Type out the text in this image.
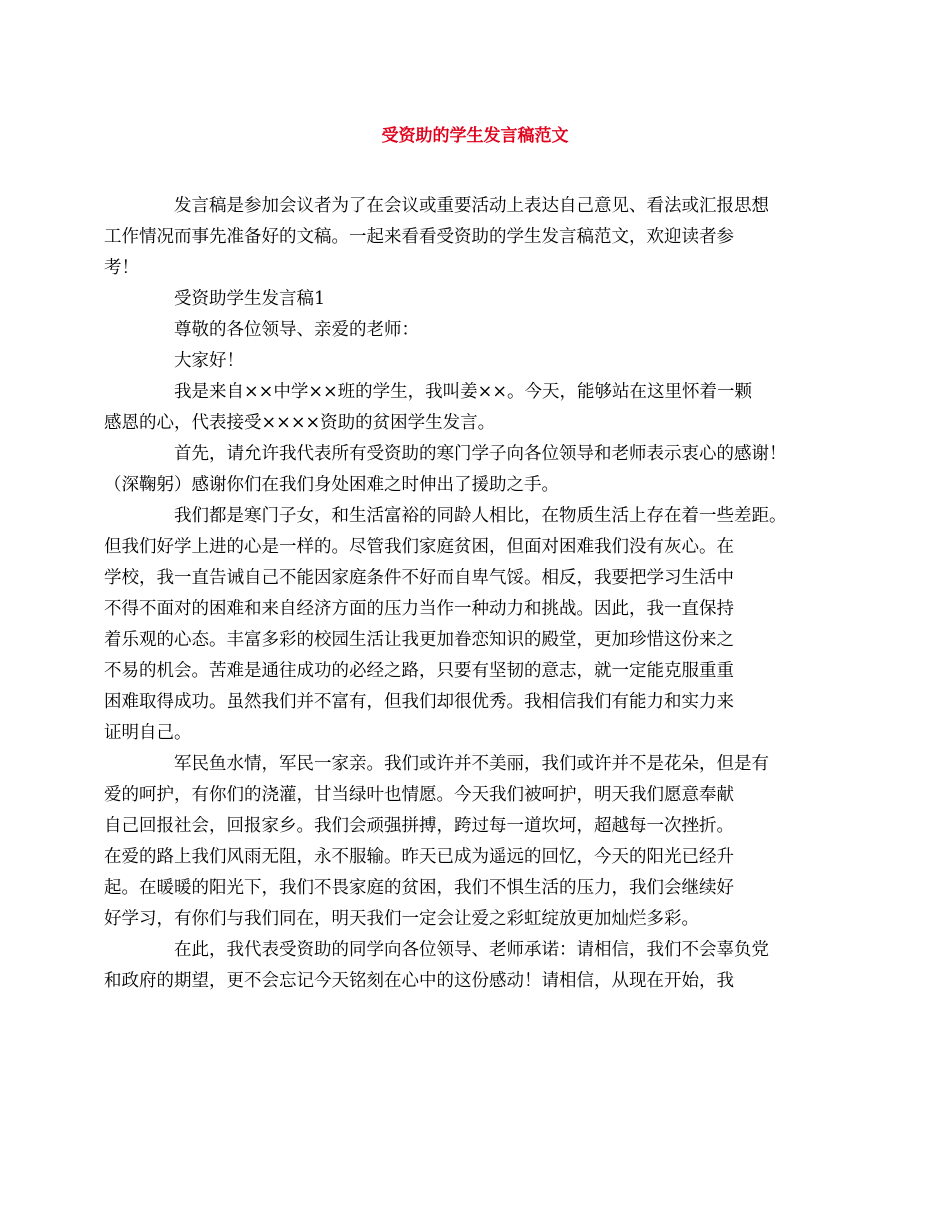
受资助的学生发言稿范文

发言稿是参加会议者为了在会议或重要活动上表达自己意见、看法或汇报思想
工作情况而事先准备好的文稿。一起来看看受资助的学生发言稿范文，欢迎读者参
考！

受资助学生发言稿1

尊敬的各位领导、亲爱的老师：

大家好！

我是来自××中学××班的学生，我叫姜××。今天，能够站在这里怀着一颗
感恩的心，代表接受××××资助的贫困学生发言。

首先，请允许我代表所有受资助的寒门学子向各位领导和老师表示衷心的感谢！
（深鞠躬）感谢你们在我们身处困难之时伸出了援助之手。

我们都是寒门子女，和生活富裕的同龄人相比，在物质生活上存在着一些差距。
但我们好学上进的心是一样的。尽管我们家庭贫困，但面对困难我们没有灰心。在
学校，我一直告诫自己不能因家庭条件不好而自卑气馁。相反，我要把学习生活中
不得不面对的困难和来自经济方面的压力当作一种动力和挑战。因此，我一直保持
着乐观的心态。丰富多彩的校园生活让我更加眷恋知识的殿堂，更加珍惜这份来之
不易的机会。苦难是通往成功的必经之路，只要有坚韧的意志，就一定能克服重重
困难取得成功。虽然我们并不富有，但我们却很优秀。我相信我们有能力和实力来
证明自己。

军民鱼水情，军民一家亲。我们或许并不美丽，我们或许并不是花朵，但是有
爱的呵护，有你们的浇灌，甘当绿叶也情愿。今天我们被呵护，明天我们愿意奉献
自己回报社会，回报家乡。我们会顽强拼搏，跨过每一道坎坷，超越每一次挫折。
在爱的路上我们风雨无阻，永不服输。昨天已成为遥远的回忆，今天的阳光已经升
起。在暖暖的阳光下，我们不畏家庭的贫困，我们不惧生活的压力，我们会继续好
好学习，有你们与我们同在，明天我们一定会让爱之彩虹绽放更加灿烂多彩。

在此，我代表受资助的同学向各位领导、老师承诺：请相信，我们不会辜负党
和政府的期望，更不会忘记今天铭刻在心中的这份感动！请相信，从现在开始，我
